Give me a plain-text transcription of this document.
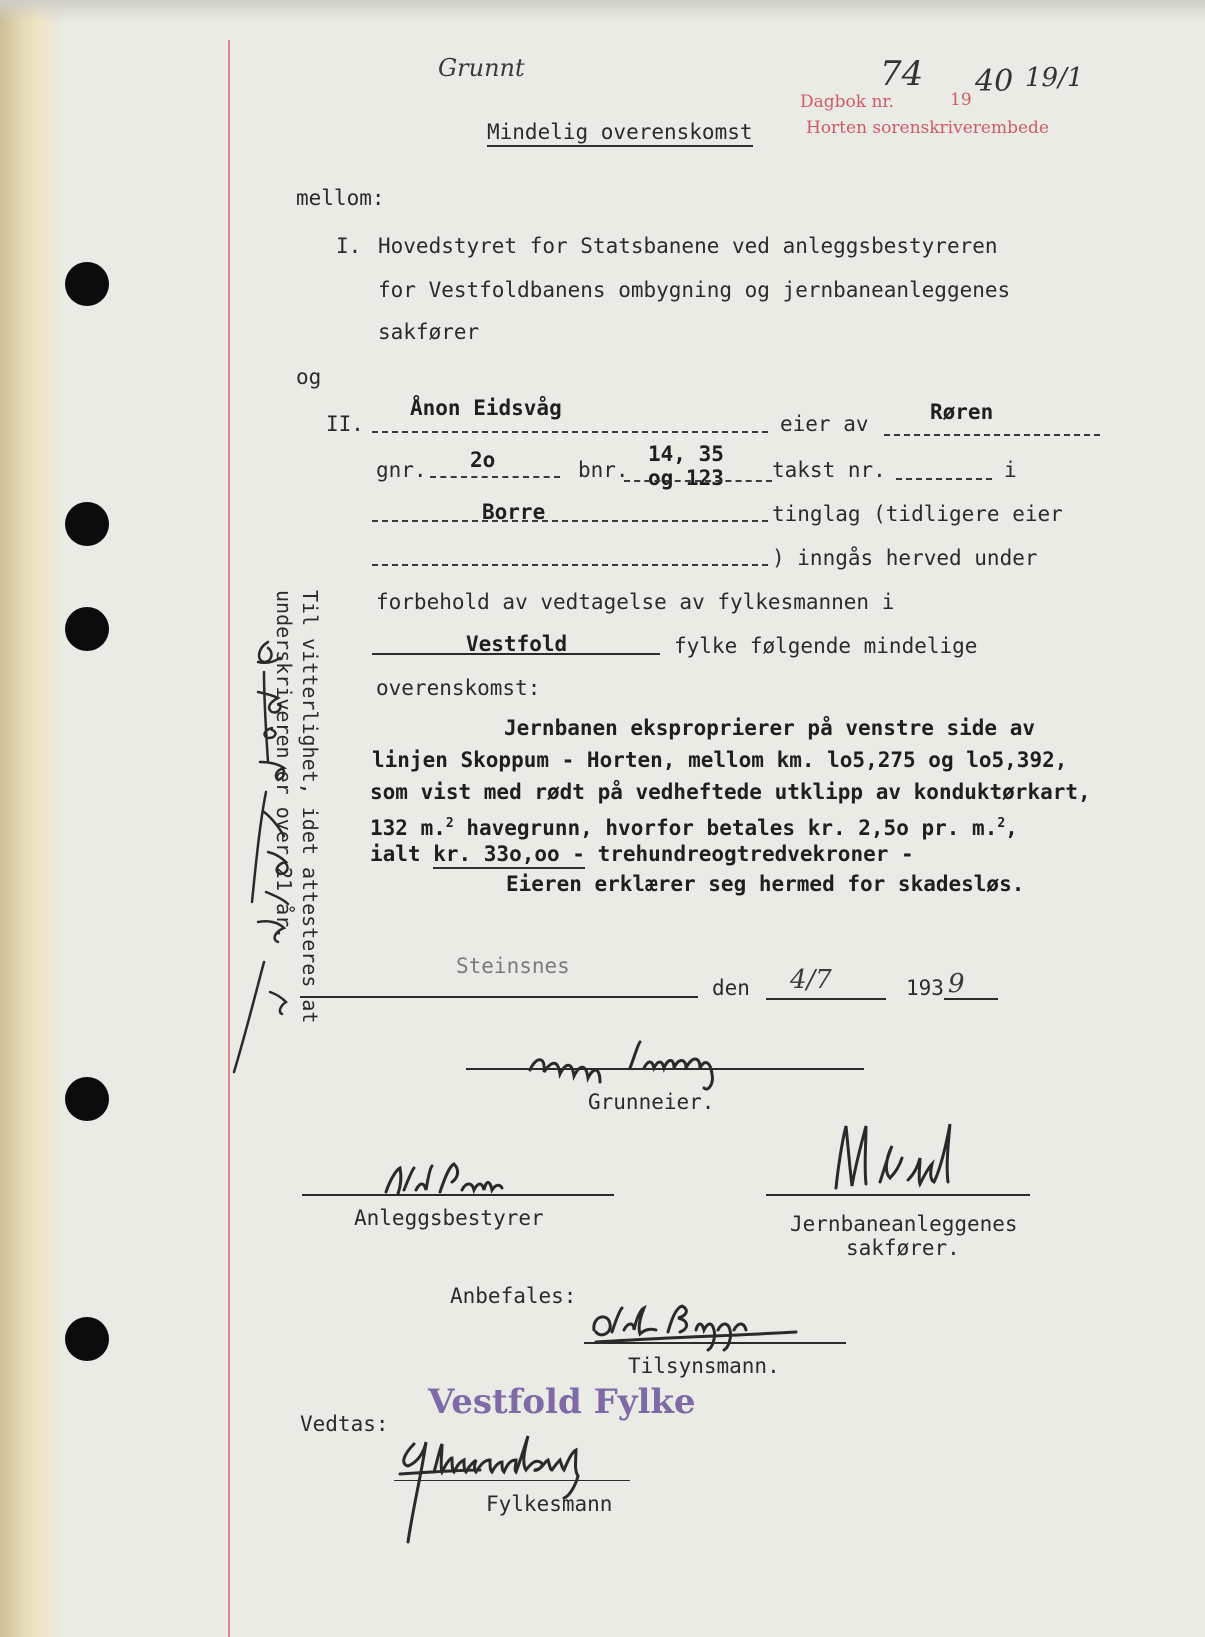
Grunnt
Dagbok nr.
74
19
40 19/1
Horten sorenskriverembede
Mindelig overenskomst
mellom:
I. Hovedstyret for Statsbanene ved anleggsbestyreren
for Vestfoldbanens ombygning og jernbaneanleggenes
sakfører
og
II.
Ånon Eidsvåg
eier av	Røren
gnr. 2o	bnr.
14, 35
og 123 takst nr.	i
Borre	tinglag (tidligere eier
) inngås herved under
forbehold av vedtagelse av fylkesmannen i
Vestfold	fylke følgende mindelige
overenskomst:
Jernbanen eksproprierer på venstre side av
linjen Skoppum - Horten, mellom km. lo5,275 og lo5,392,
som vist med rødt på vedheftede utklipp av konduktørkart,
132 m.$^2$ havegrunn, hvorfor betales kr. 2,5o pr. m.$^2$,
ialt kr. 33o,oo - trehundreogtredvekroner -
Eieren erklærer seg hermed for skadesløs.
Steinsnes
den 4/7	193 9
Grunneier.
Anleggsbestyrer	Jernbaneanleggenes
sakfører.
Anbefales:
Tilsynsmann.
Vestfold Fylke
Vedtas:
Fylkesmann
Til vitterlighet, idet attesteres at
underskriveren er over 21 år.
